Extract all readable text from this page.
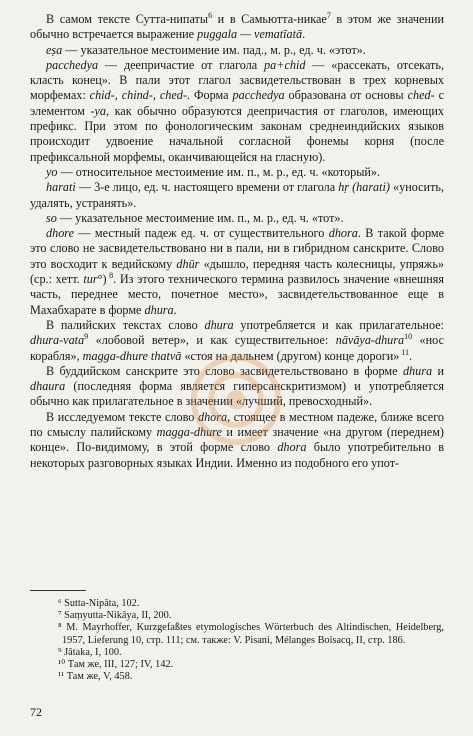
В самом тексте Сутта-нипаты$^6$ и в Самьютта-никае$^7$ в этом же значении обычно встречается выражение puggala — vematīatā.

eṣa — указательное местоимение им. пад., м. р., ед. ч. «этот».

pacchedya — деепричастие от глагола pa+chid — «рассекать, отсекать, класть конец». В пали этот глагол засвидетельствован в трех корневых морфемах: chid-, chind-, ched-. Форма pacchedya образована от основы ched- с элементом -ya, как обычно образуются деепричастия от глаголов, имеющих префикс. При этом по фонологическим законам среднеиндийских языков происходит удвоение начальной согласной фонемы корня (после префиксальной морфемы, оканчивающейся на гласную).

yo — относительное местоимение им. п., м. р., ед. ч. «который».

harati — 3-е лицо, ед. ч. настоящего времени от глагола hṛ (harati) «уносить, удалять, устранять».

so — указательное местоимение им. п., м. р., ед. ч. «тот».

dhore — местный падеж ед. ч. от существительного dhora. В такой форме это слово не засвидетельствовано ни в пали, ни в гибридном санскрите. Слово это восходит к ведийскому dhūr «дышло, передняя часть колесницы, упряжь» (ср.: хетт. tur°) $^8$. Из этого технического термина развилось значение «внешняя часть, переднее место, почетное место», засвидетельствованное еще в Махабхарате в форме dhura.

В палийских текстах слово dhura употребляется и как прилагательное: dhura-vata$^9$ «лобовой ветер», и как существительное: nāvāya-dhura$^{10}$ «нос корабля», magga-dhure thatvā «стоя на дальнем (другом) конце дороги» $^{11}$.

В буддийском санскрите это слово засвидетельствовано в форме dhura и dhaura (последняя форма является гиперсанскритизмом) и употребляется обычно как прилагательное в значении «лучший, превосходный».

В исследуемом тексте слово dhora, стоящее в местном падеже, ближе всего по смыслу палийскому magga-dhure и имеет значение «на другом (переднем) конце». По-видимому, в этой форме слово dhora было употребительно в некоторых разговорных языках Индии. Именно из подобного его упот-

⁶ Sutta-Nipāta, 102.

⁷ Saṃyutta-Nikāya, II, 200.

⁸ M. Mayrhoffer, Kurzgefaßtes etymologisches Wörterbuch des Altindischen, Heidelberg, 1957, Lieferung 10, стр. 111; см. также: V. Pisani, Mélanges Boisacq, II, стр. 186.

⁹ Jātaka, I, 100.

¹⁰ Там же, III, 127; IV, 142.

¹¹ Там же, V, 458.

72
